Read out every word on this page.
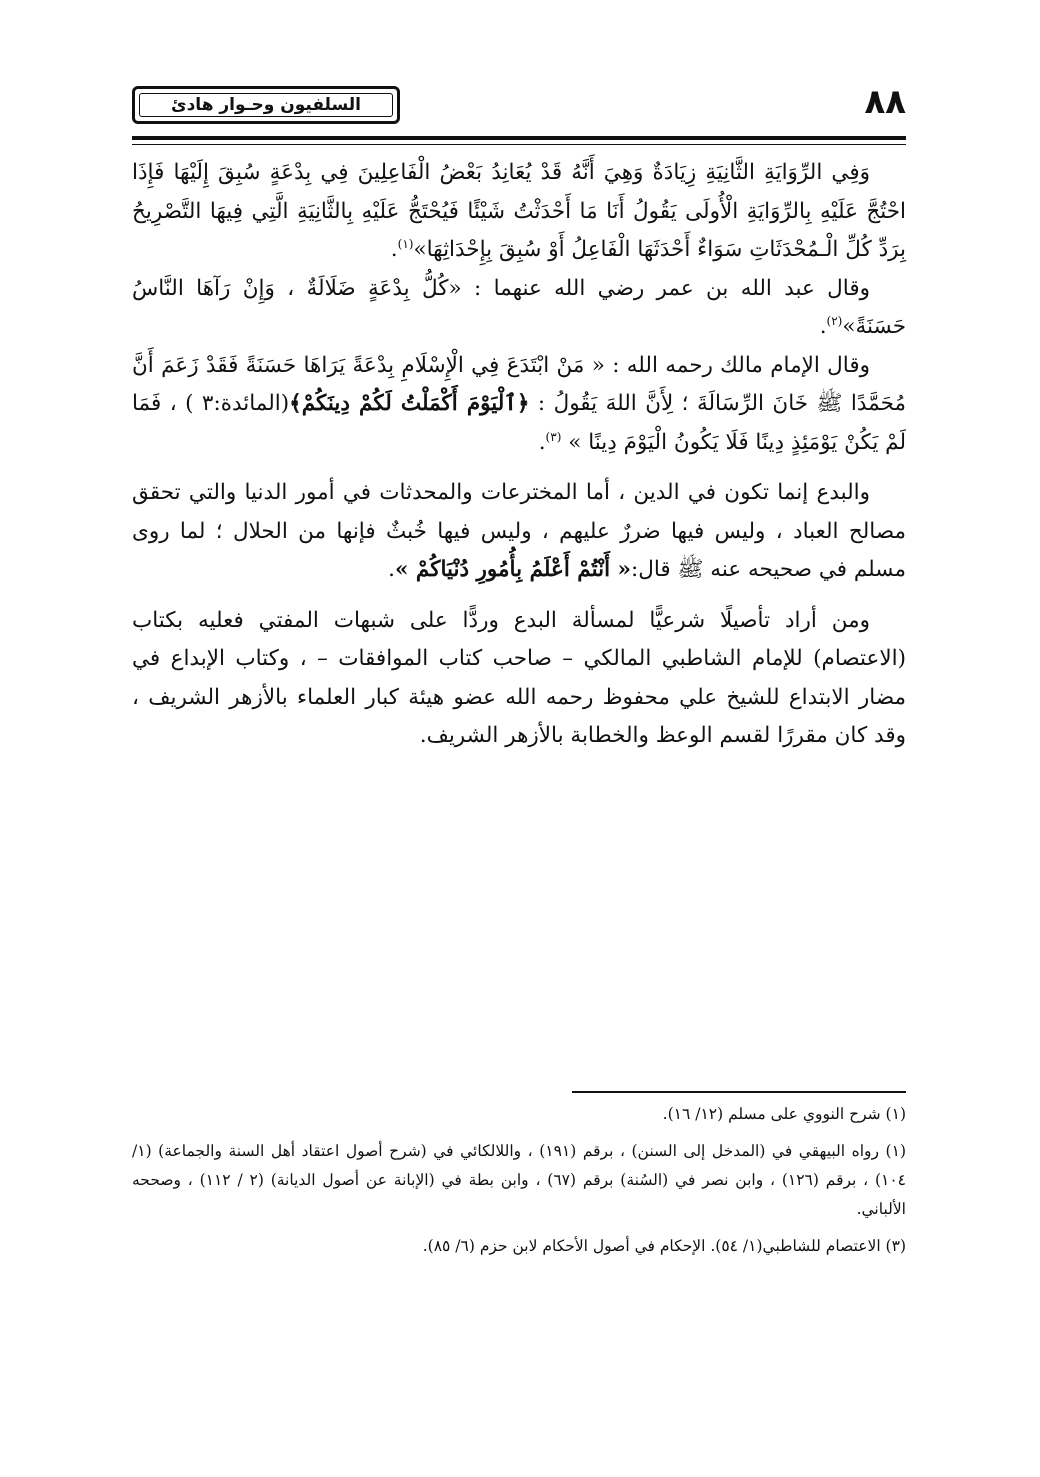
السلفيون وحـوار هادئ	٨٨

وَفِي الرِّوَايَةِ الثَّانِيَةِ زِيَادَةٌ وَهِيَ أَنَّهُ قَدْ يُعَانِدُ بَعْضُ الْفَاعِلِينَ فِي بِدْعَةٍ سُبِقَ إِلَيْهَا فَإِذَا احْتُجَّ عَلَيْهِ بِالرِّوَايَةِ الْأُولَى يَقُولُ أَنَا مَا أَحْدَثْتُ شَيْئًا فَيُحْتَجُّ عَلَيْهِ بِالثَّانِيَةِ الَّتِي فِيهَا التَّصْرِيحُ بِرَدِّ كُلِّ الْـمُحْدَثَاتِ سَوَاءٌ أَحْدَثَهَا الْفَاعِلُ أَوْ سُبِقَ بِإِحْدَاثِهَا»$^{(١)}$.

وقال عبد الله بن عمر رضي الله عنهما : «كُلُّ بِدْعَةٍ ضَلَالَةٌ ، وَإِنْ رَآهَا النَّاسُ حَسَنَةً»$^{(٢)}$.

وقال الإمام مالك رحمه الله : « مَنْ ابْتَدَعَ فِي الْإِسْلَامِ بِدْعَةً يَرَاهَا حَسَنَةً فَقَدْ زَعَمَ أَنَّ مُحَمَّدًا ﷺ خَانَ الرِّسَالَةَ ؛ لِأَنَّ اللهَ يَقُولُ : ﴿ٱلْيَوْمَ أَكْمَلْتُ لَكُمْ دِينَكُمْ﴾(المائدة:٣ ) ، فَمَا لَمْ يَكُنْ يَوْمَئِذٍ دِينًا فَلَا يَكُونُ الْيَوْمَ دِينًا » $^{(٣)}$.

والبدع إنما تكون في الدين ، أما المخترعات والمحدثات في أمور الدنيا والتي تحقق مصالح العباد ، وليس فيها ضررٌ عليهم ، وليس فيها خُبثٌ فإنها من الحلال ؛ لما روى مسلم في صحيحه عنه ﷺ قال:« أَنْتُمْ أَعْلَمُ بِأُمُورِ دُنْيَاكُمْ ».

ومن أراد تأصيلًا شرعيًّا لمسألة البدع وردًّا على شبهات المفتي فعليه بكتاب (الاعتصام) للإمام الشاطبي المالكي – صاحب كتاب الموافقات – ، وكتاب الإبداع في مضار الابتداع للشيخ علي محفوظ رحمه الله عضو هيئة كبار العلماء بالأزهر الشريف ، وقد كان مقررًا لقسم الوعظ والخطابة بالأزهر الشريف.

(١) شرح النووي على مسلم (١٢/ ١٦).

(١) رواه البيهقي في (المدخل إلى السنن) ، برقم (١٩١) ، واللالكائي في (شرح أصول اعتقاد أهل السنة والجماعة) (١/ ١٠٤) ، برقم (١٢٦) ، وابن نصر في (السُنة) برقم (٦٧) ، وابن بطة في (الإبانة عن أصول الديانة) (٢ / ١١٢) ، وصححه الألباني.

(٣) الاعتصام للشاطبي(١/ ٥٤). الإحكام في أصول الأحكام لابن حزم (٦/ ٨٥).
